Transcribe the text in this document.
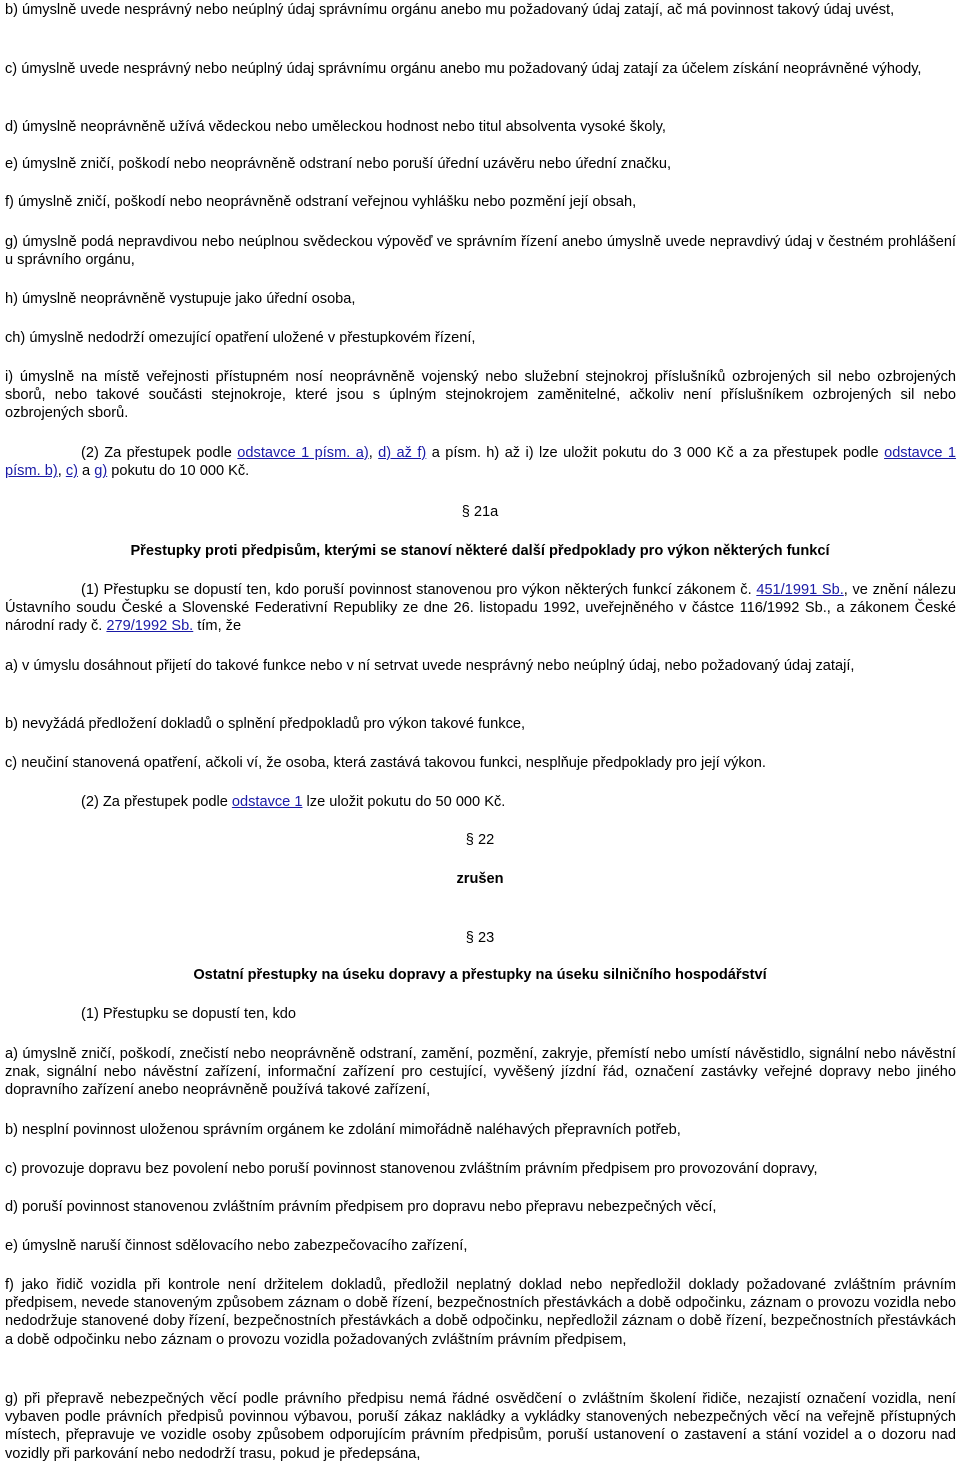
b) úmyslně uvede nesprávný nebo neúplný údaj správnímu orgánu anebo mu požadovaný údaj zatají, ač má povinnost takový údaj uvést,

c) úmyslně uvede nesprávný nebo neúplný údaj správnímu orgánu anebo mu požadovaný údaj zatají za účelem získání neoprávněné výhody,

d) úmyslně neoprávněně užívá vědeckou nebo uměleckou hodnost nebo titul absolventa vysoké školy,

e) úmyslně zničí, poškodí nebo neoprávněně odstraní nebo poruší úřední uzávěru nebo úřední značku,

f) úmyslně zničí, poškodí nebo neoprávněně odstraní veřejnou vyhlášku nebo pozmění její obsah,

g) úmyslně podá nepravdivou nebo neúplnou svědeckou výpověď ve správním řízení anebo úmyslně uvede nepravdivý údaj v čestném prohlášení u správního orgánu,

h) úmyslně neoprávněně vystupuje jako úřední osoba,

ch) úmyslně nedodrží omezující opatření uložené v přestupkovém řízení,

i) úmyslně na místě veřejnosti přístupném nosí neoprávněně vojenský nebo služební stejnokroj příslušníků ozbrojených sil nebo ozbrojených sborů, nebo takové součásti stejnokroje, které jsou s úplným stejnokrojem zaměnitelné, ačkoliv není příslušníkem ozbrojených sil nebo ozbrojených sborů.

(2) Za přestupek podle odstavce 1 písm. a), d) až f) a písm. h) až i) lze uložit pokutu do 3 000 Kč a za přestupek podle odstavce 1 písm. b), c) a g) pokutu do 10 000 Kč.

§ 21a

Přestupky proti předpisům, kterými se stanoví některé další předpoklady pro výkon některých funkcí

(1) Přestupku se dopustí ten, kdo poruší povinnost stanovenou pro výkon některých funkcí zákonem č. 451/1991 Sb., ve znění nálezu Ústavního soudu České a Slovenské Federativní Republiky ze dne 26. listopadu 1992, uveřejněného v částce 116/1992 Sb., a zákonem České národní rady č. 279/1992 Sb. tím, že

a) v úmyslu dosáhnout přijetí do takové funkce nebo v ní setrvat uvede nesprávný nebo neúplný údaj, nebo požadovaný údaj zatají,

b) nevyžádá předložení dokladů o splnění předpokladů pro výkon takové funkce,

c) neučiní stanovená opatření, ačkoli ví, že osoba, která zastává takovou funkci, nesplňuje předpoklady pro její výkon.

(2) Za přestupek podle odstavce 1 lze uložit pokutu do 50 000 Kč.

§ 22

zrušen

§ 23

Ostatní přestupky na úseku dopravy a přestupky na úseku silničního hospodářství

(1) Přestupku se dopustí ten, kdo

a) úmyslně zničí, poškodí, znečistí nebo neoprávněně odstraní, zamění, pozmění, zakryje, přemístí nebo umístí návěstidlo, signální nebo návěstní znak, signální nebo návěstní zařízení, informační zařízení pro cestující, vyvěšený jízdní řád, označení zastávky veřejné dopravy nebo jiného dopravního zařízení anebo neoprávněně používá takové zařízení,

b) nesplní povinnost uloženou správním orgánem ke zdolání mimořádně naléhavých přepravních potřeb,

c) provozuje dopravu bez povolení nebo poruší povinnost stanovenou zvláštním právním předpisem pro provozování dopravy,

d) poruší povinnost stanovenou zvláštním právním předpisem pro dopravu nebo přepravu nebezpečných věcí,

e) úmyslně naruší činnost sdělovacího nebo zabezpečovacího zařízení,

f) jako řidič vozidla při kontrole není držitelem dokladů, předložil neplatný doklad nebo nepředložil doklady požadované zvláštním právním předpisem, nevede stanoveným způsobem záznam o době řízení, bezpečnostních přestávkách a době odpočinku, záznam o provozu vozidla nebo nedodržuje stanovené doby řízení, bezpečnostních přestávkách a době odpočinku, nepředložil záznam o době řízení, bezpečnostních přestávkách a době odpočinku nebo záznam o provozu vozidla požadovaných zvláštním právním předpisem,

g) při přepravě nebezpečných věcí podle právního předpisu nemá řádné osvědčení o zvláštním školení řidiče, nezajistí označení vozidla, není vybaven podle právních předpisů povinnou výbavou, poruší zákaz nakládky a vykládky stanovených nebezpečných věcí na veřejně přístupných místech, přepravuje ve vozidle osoby způsobem odporujícím právním předpisům, poruší ustanovení o zastavení a stání vozidel a o dozoru nad vozidly při parkování nebo nedodrží trasu, pokud je předepsána,
